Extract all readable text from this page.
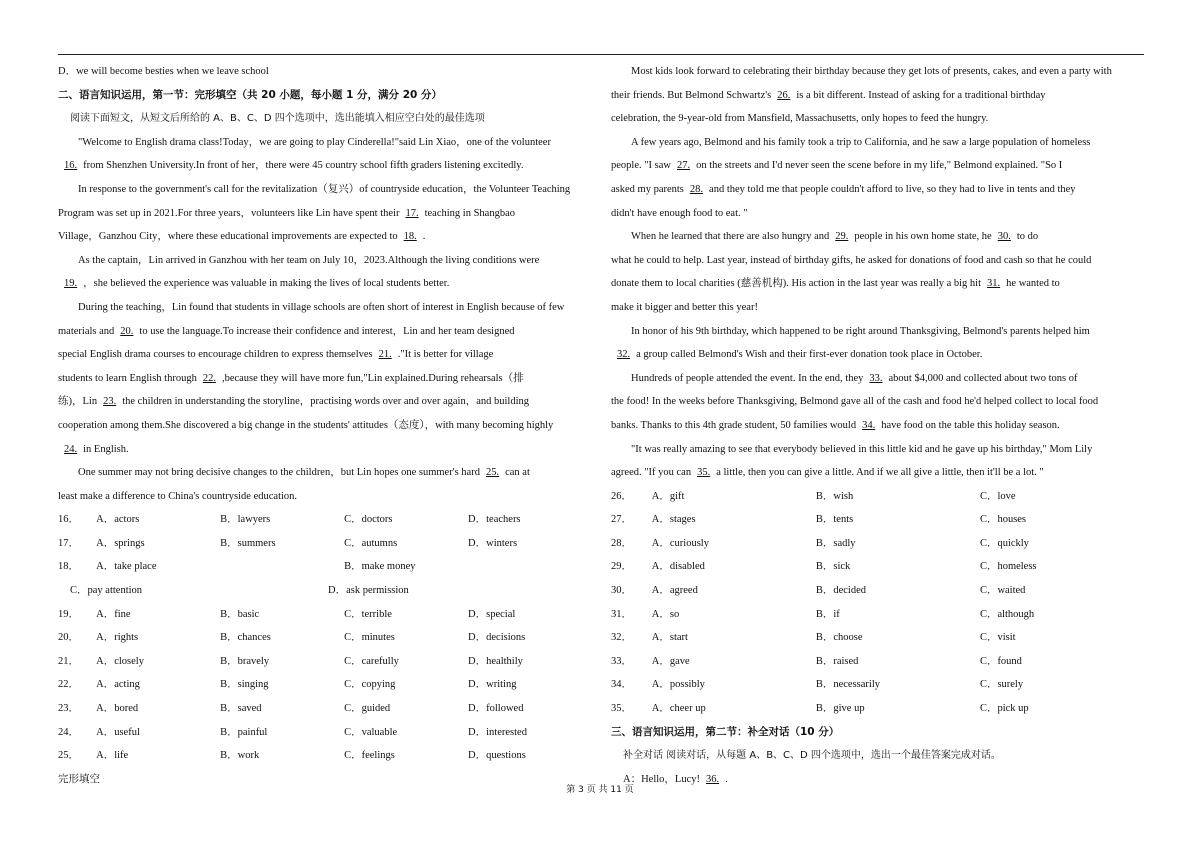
D．we will become besties when we leave school
二、语言知识运用，第一节：完形填空（共 20 小题，每小题 1 分，满分 20 分）
阅读下面短文，从短文后所给的 A、B、C、D 四个选项中，选出能填入相应空白处的最佳选项
"Welcome to English drama class!Today，we are going to play Cinderella!"said Lin Xiao，one of the volunteer
16. from Shenzhen University.In front of her，there were 45 country school fifth graders listening excitedly.
In response to the government's call for the revitalization（复兴）of countryside education，the Volunteer Teaching
Program was set up in 2021.For three years，volunteers like Lin have spent their 17. teaching in Shangbao
Village，Ganzhou City，where these educational improvements are expected to 18. .
As the captain，Lin arrived in Ganzhou with her team on July 10，2023.Although the living conditions were
19. ，she believed the experience was valuable in making the lives of local students better.
During the teaching，Lin found that students in village schools are often short of interest in English because of few
materials and 20. to use the language.To increase their confidence and interest，Lin and her team designed
special English drama courses to encourage children to express themselves 21. ."It is better for village
students to learn English through 22. ,because they will have more fun,"Lin explained.During rehearsals（排
练)，Lin 23. the children in understanding the storyline，practising words over and over again，and building
cooperation among them.She discovered a big change in the students' attitudes（态度），with many becoming highly
24. in English.
One summer may not bring decisive changes to the children，but Lin hopes one summer's hard 25. can at
least make a difference to China's countryside education.
16．	A．actors	B．lawyers	C．doctors	D．teachers
17．	A．springs	B．summers	C．autumns	D．winters
18．	A．take place	B．make money
C．pay attention	D．ask permission
19．	A．fine	B．basic	C．terrible	D．special
20．	A．rights	B．chances	C．minutes	D．decisions
21．	A．closely	B．bravely	C．carefully	D．healthily
22．	A．acting	B．singing	C．copying	D．writing
23．	A．bored	B．saved	C．guided	D．followed
24．	A．useful	B．painful	C．valuable	D．interested
25．	A．life	B．work	C．feelings	D．questions
完形填空
Most kids look forward to celebrating their birthday because they get lots of presents, cakes, and even a party with
their friends. But Belmond Schwartz's 26. is a bit different. Instead of asking for a traditional birthday
celebration, the 9-year-old from Mansfield, Massachusetts, only hopes to feed the hungry.
A few years ago, Belmond and his family took a trip to California, and he saw a large population of homeless
people. "I saw 27. on the streets and I'd never seen the scene before in my life," Belmond explained. "So I
asked my parents 28. and they told me that people couldn't afford to live, so they had to live in tents and they
didn't have enough food to eat. "
When he learned that there are also hungry and 29. people in his own home state, he 30. to do
what he could to help. Last year, instead of birthday gifts, he asked for donations of food and cash so that he could
donate them to local charities (慈善机构). His action in the last year was really a big hit 31. he wanted to
make it bigger and better this year!
In honor of his 9th birthday, which happened to be right around Thanksgiving, Belmond's parents helped him
32. a group called Belmond's Wish and their first-ever donation took place in October.
Hundreds of people attended the event. In the end, they 33. about $4,000 and collected about two tons of
the food! In the weeks before Thanksgiving, Belmond gave all of the cash and food he'd helped collect to local food
banks. Thanks to this 4th grade student, 50 families would 34. have food on the table this holiday season.
"It was really amazing to see that everybody believed in this little kid and he gave up his birthday," Mom Lily
agreed. "If you can 35. a little, then you can give a little. And if we all give a little, then it'll be a lot. "
26．	A．gift	B．wish	C．love
27．	A．stages	B．tents	C．houses
28．	A．curiously	B．sadly	C．quickly
29．	A．disabled	B．sick	C．homeless
30．	A．agreed	B．decided	C．waited
31．	A．so	B．if	C．although
32．	A．start	B．choose	C．visit
33．	A．gave	B．raised	C．found
34．	A．possibly	B．necessarily	C．surely
35．	A．cheer up	B．give up	C．pick up
三、语言知识运用，第二节：补全对话（10 分）
补全对话 阅读对话，从每题 A、B、C、D 四个选项中，选出一个最佳答案完成对话。
A：Hello，Lucy! 36. .
第 3 页 共 11 页
